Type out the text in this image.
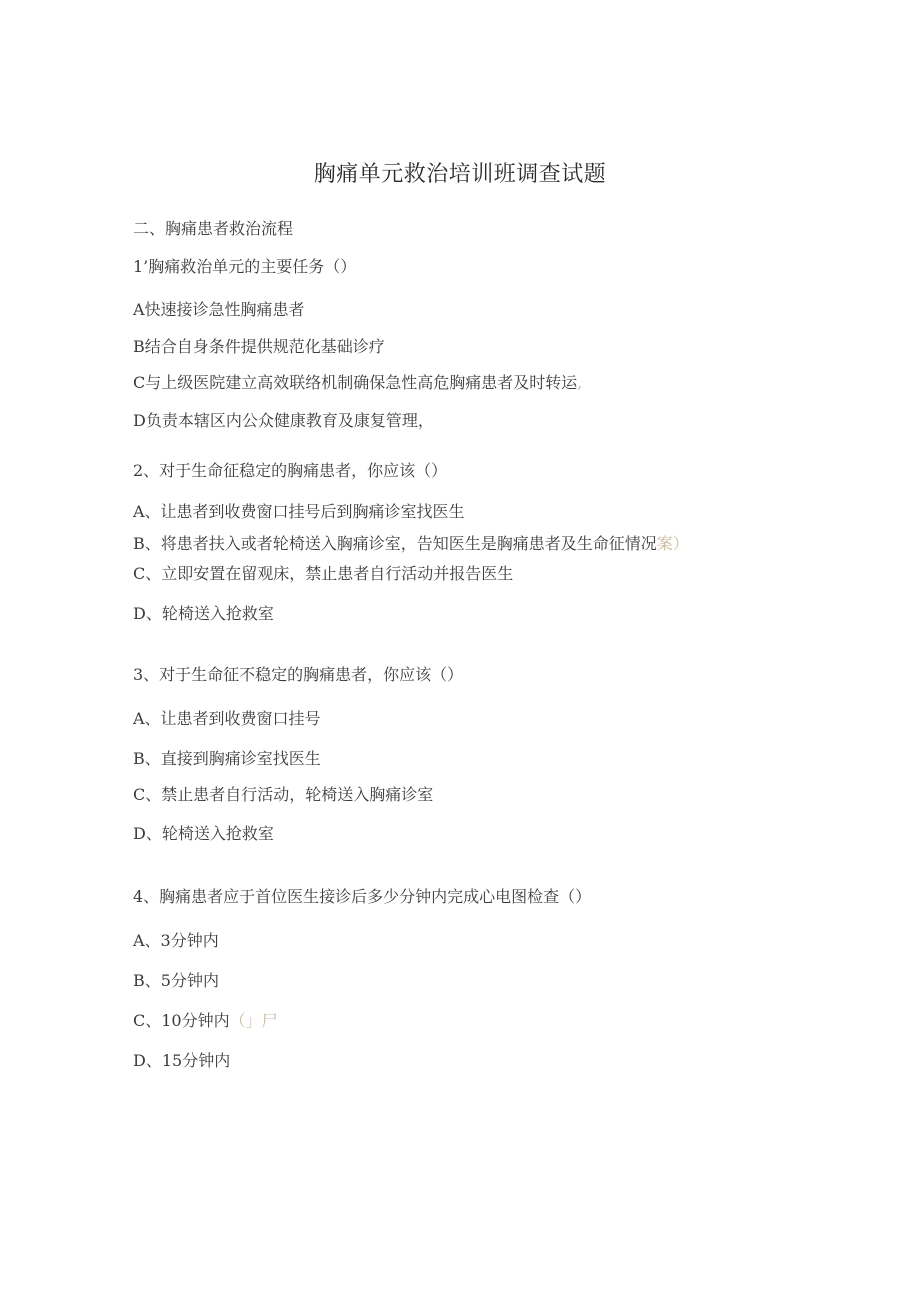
胸痛单元救治培训班调查试题
二、胸痛患者救治流程
1’胸痛救治单元的主要任务（）
A快速接诊急性胸痛患者
B结合自身条件提供规范化基础诊疗
C与上级医院建立高效联络机制确保急性高危胸痛患者及时转运,
D负责本辖区内公众健康教育及康复管理，
2、对于生命征稳定的胸痛患者，你应该（）
A、让患者到收费窗口挂号后到胸痛诊室找医生
B、将患者扶入或者轮椅送入胸痛诊室，告知医生是胸痛患者及生命征情况案）
C、立即安置在留观床，禁止患者自行活动并报告医生
D、轮椅送入抢救室
3、对于生命征不稳定的胸痛患者，你应该（）
A、让患者到收费窗口挂号
B、直接到胸痛诊室找医生
C、禁止患者自行活动，轮椅送入胸痛诊室
D、轮椅送入抢救室
4、胸痛患者应于首位医生接诊后多少分钟内完成心电图检查（）
A、3分钟内
B、5分钟内
C、10分钟内（」尸
D、15分钟内
